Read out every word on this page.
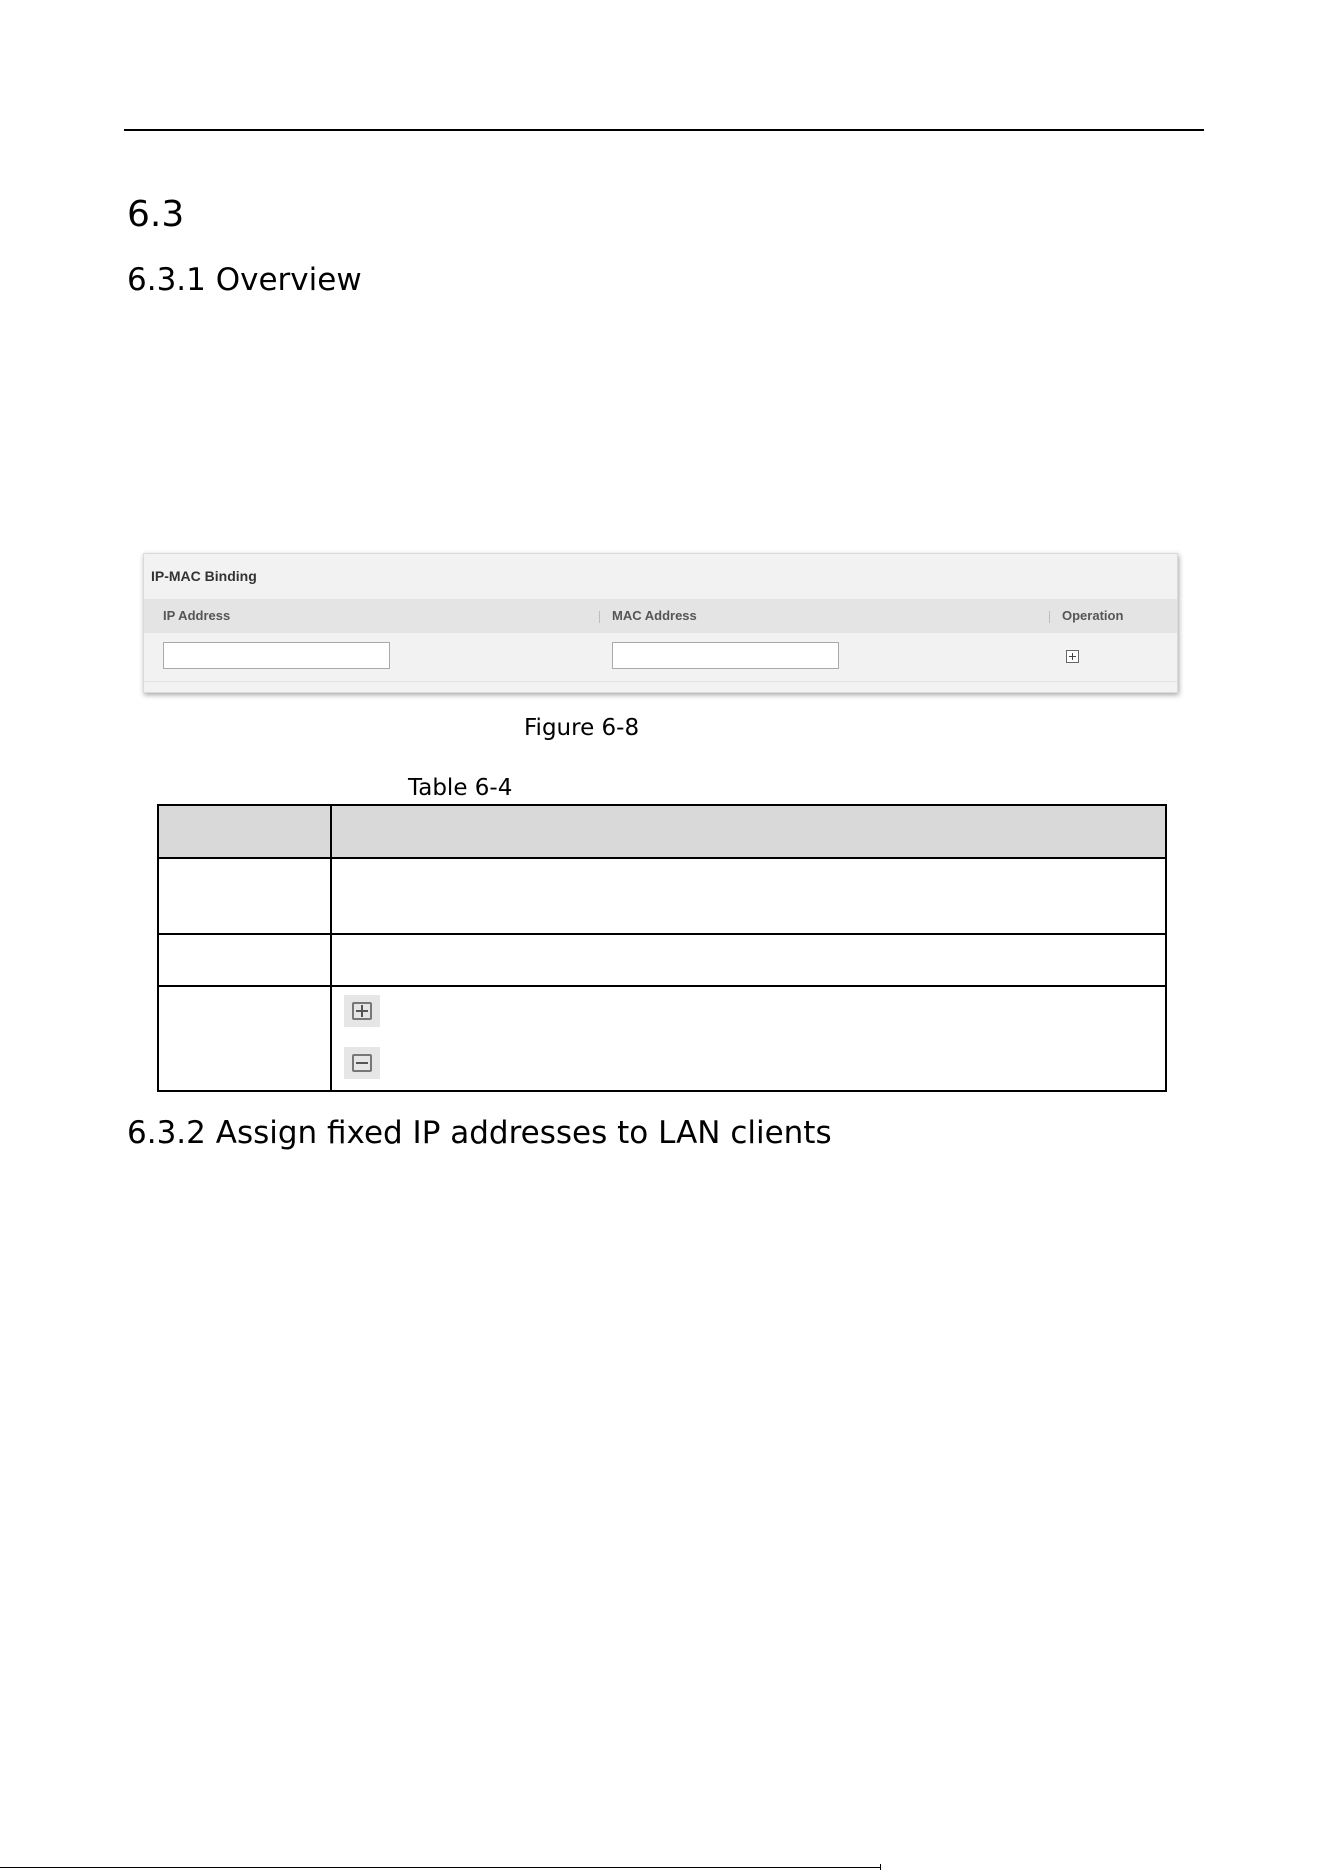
6.3
6.3.1 Overview
IP-MAC Binding
IP Address	MAC Address	Operation
Figure 6-8
Table 6-4
6.3.2 Assign fixed IP addresses to LAN clients
